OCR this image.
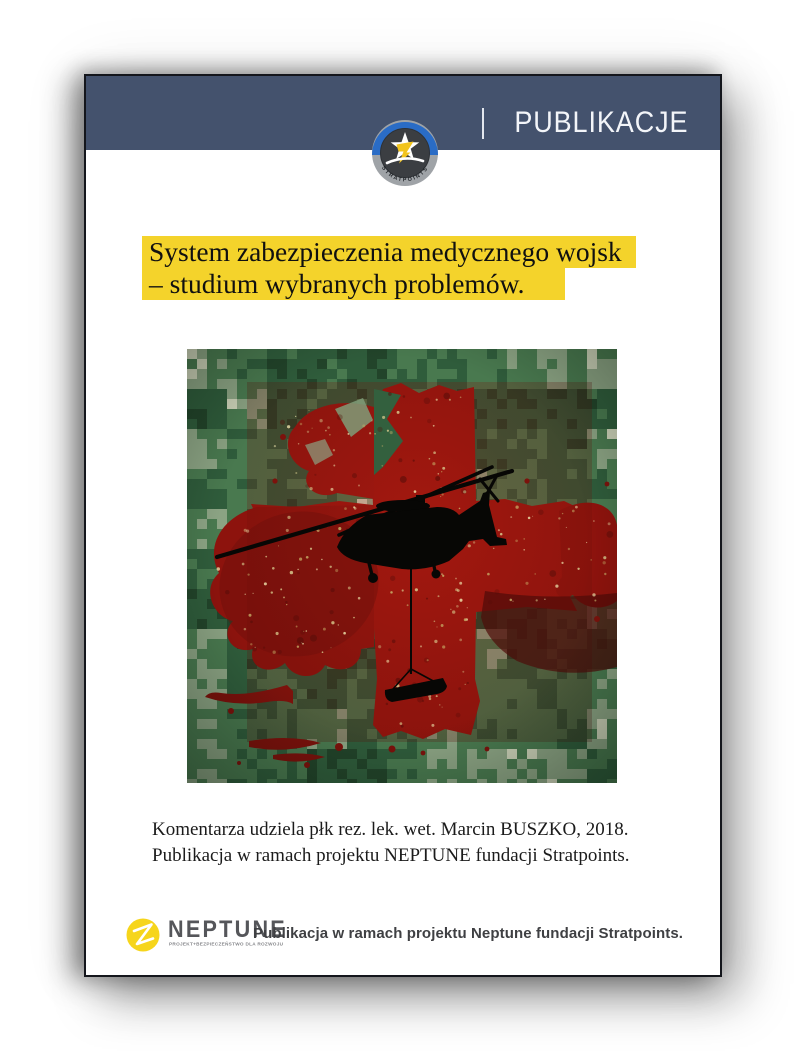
PUBLIKACJE
STRATPOINTS
System zabezpieczenia medycznego wojsk
– studium wybranych problemów.
Komentarza udziela płk rez. lek. wet. Marcin BUSZKO, 2018.
Publikacja w ramach projektu NEPTUNE fundacji Stratpoints.
NEPTUNE
PROJEKT+BEZPIECZEŃSTWO DLA ROZWOJU
Publikacja w ramach projektu Neptune fundacji Stratpoints.
